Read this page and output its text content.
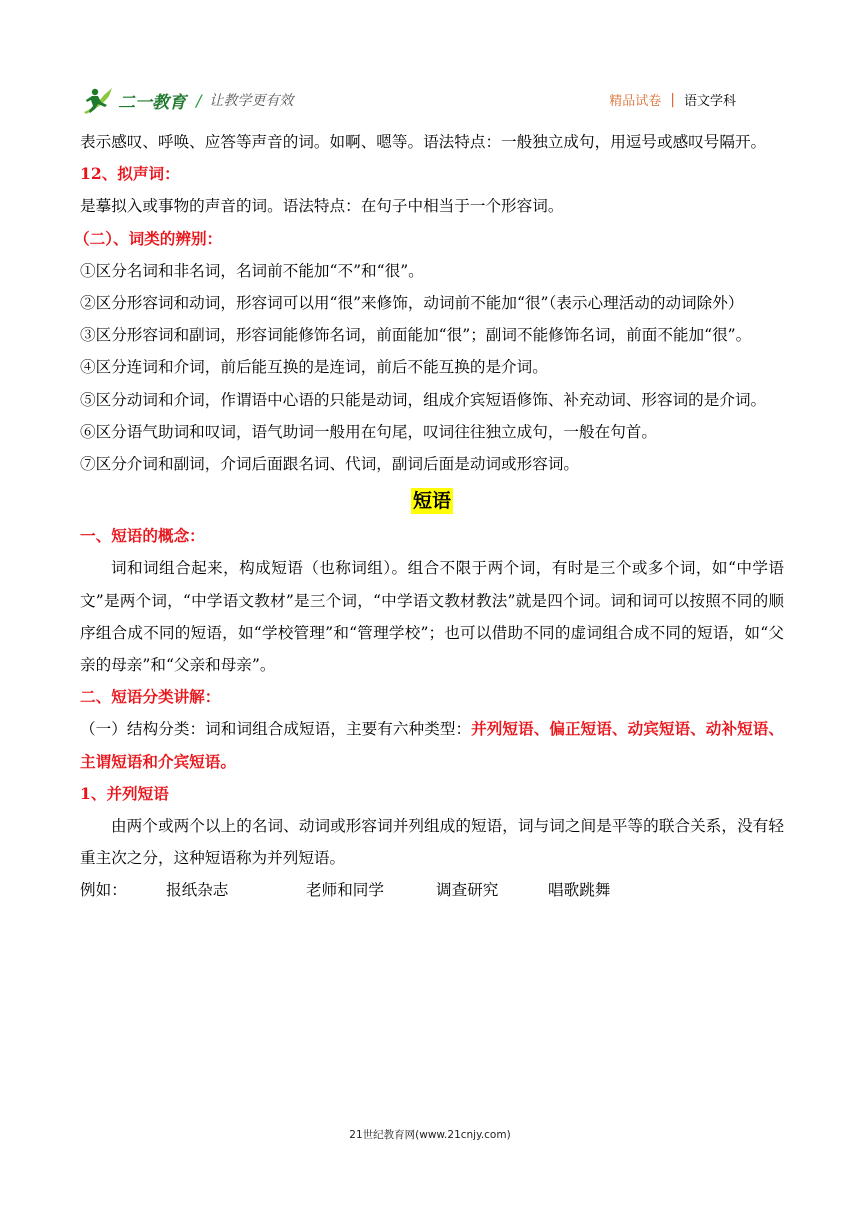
二一教育 / 让教学更有效	精品试卷 | 语文学科

表示感叹、呼唤、应答等声音的词。如啊、嗯等。语法特点：一般独立成句，用逗号或感叹号隔开。

12、拟声词：

是摹拟入或事物的声音的词。语法特点：在句子中相当于一个形容词。

（二）、词类的辨别：

①区分名词和非名词，名词前不能加“不”和“很”。

②区分形容词和动词，形容词可以用“很”来修饰，动词前不能加“很”（表示心理活动的动词除外）

③区分形容词和副词，形容词能修饰名词，前面能加“很”；副词不能修饰名词，前面不能加“很”。

④区分连词和介词，前后能互换的是连词，前后不能互换的是介词。

⑤区分动词和介词，作谓语中心语的只能是动词，组成介宾短语修饰、补充动词、形容词的是介词。

⑥区分语气助词和叹词，语气助词一般用在句尾，叹词往往独立成句，一般在句首。

⑦区分介词和副词，介词后面跟名词、代词，副词后面是动词或形容词。

短语

一、短语的概念：

词和词组合起来，构成短语（也称词组）。组合不限于两个词，有时是三个或多个词，如“中学语文”是两个词，“中学语文教材”是三个词，“中学语文教材教法”就是四个词。词和词可以按照不同的顺序组合成不同的短语，如“学校管理”和“管理学校”；也可以借助不同的虚词组合成不同的短语，如“父亲的母亲”和“父亲和母亲”。

二、短语分类讲解：

（一）结构分类：词和词组合成短语，主要有六种类型：并列短语、偏正短语、动宾短语、动补短语、主谓短语和介宾短语。

1、并列短语

由两个或两个以上的名词、动词或形容词并列组成的短语，词与词之间是平等的联合关系，没有轻重主次之分，这种短语称为并列短语。

例如：	报纸杂志	老师和同学	调查研究	唱歌跳舞
21世纪教育网(www.21cnjy.com)
